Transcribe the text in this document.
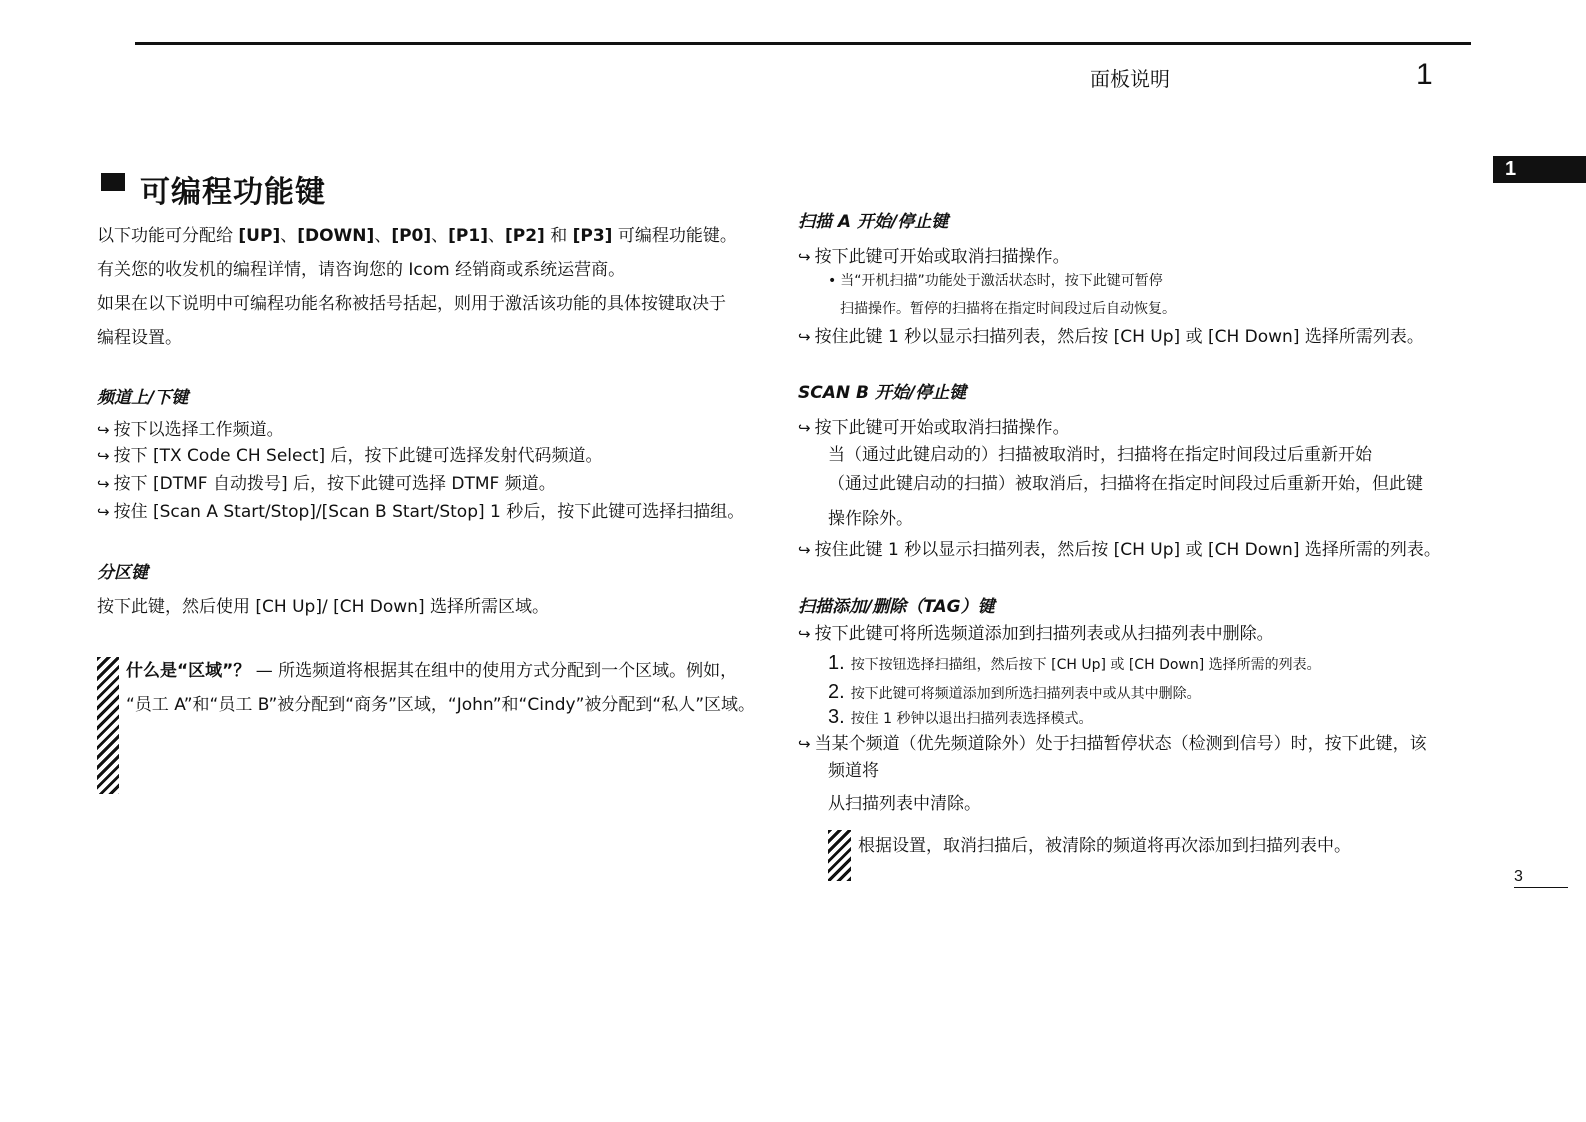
面板说明	1
1
3
可编程功能键
以下功能可分配给 [UP]、[DOWN]、[P0]、[P1]、[P2] 和 [P3] 可编程功能键。
有关您的收发机的编程详情，请咨询您的 Icom 经销商或系统运营商。
如果在以下说明中可编程功能名称被括号括起，则用于激活该功能的具体按键取决于
编程设置。
频道上/下键
↪ 按下以选择工作频道。
↪ 按下 [TX Code CH Select] 后，按下此键可选择发射代码频道。
↪ 按下 [DTMF 自动拨号] 后，按下此键可选择 DTMF 频道。
↪ 按住 [Scan A Start/Stop]/[Scan B Start/Stop] 1 秒后，按下此键可选择扫描组。
分区键
按下此键，然后使用 [CH Up]/ [CH Down] 选择所需区域。
什么是“区域”？ — 所选频道将根据其在组中的使用方式分配到一个区域。例如，
“员工 A”和“员工 B”被分配到“商务”区域，“John”和“Cindy”被分配到“私人”区域。
扫描 A 开始/停止键
↪ 按下此键可开始或取消扫描操作。
• 当“开机扫描”功能处于激活状态时，按下此键可暂停
扫描操作。暂停的扫描将在指定时间段过后自动恢复。
↪ 按住此键 1 秒以显示扫描列表，然后按 [CH Up] 或 [CH Down] 选择所需列表。
SCAN B 开始/停止键
↪ 按下此键可开始或取消扫描操作。
当（通过此键启动的）扫描被取消时，扫描将在指定时间段过后重新开始
（通过此键启动的扫描）被取消后，扫描将在指定时间段过后重新开始，但此键
操作除外。
↪ 按住此键 1 秒以显示扫描列表，然后按 [CH Up] 或 [CH Down] 选择所需的列表。
扫描添加/删除（TAG）键
↪ 按下此键可将所选频道添加到扫描列表或从扫描列表中删除。
1. 按下按钮选择扫描组，然后按下 [CH Up] 或 [CH Down] 选择所需的列表。
2. 按下此键可将频道添加到所选扫描列表中或从其中删除。
3. 按住 1 秒钟以退出扫描列表选择模式。
↪ 当某个频道（优先频道除外）处于扫描暂停状态（检测到信号）时，按下此键，该
频道将
从扫描列表中清除。
根据设置，取消扫描后，被清除的频道将再次添加到扫描列表中。
